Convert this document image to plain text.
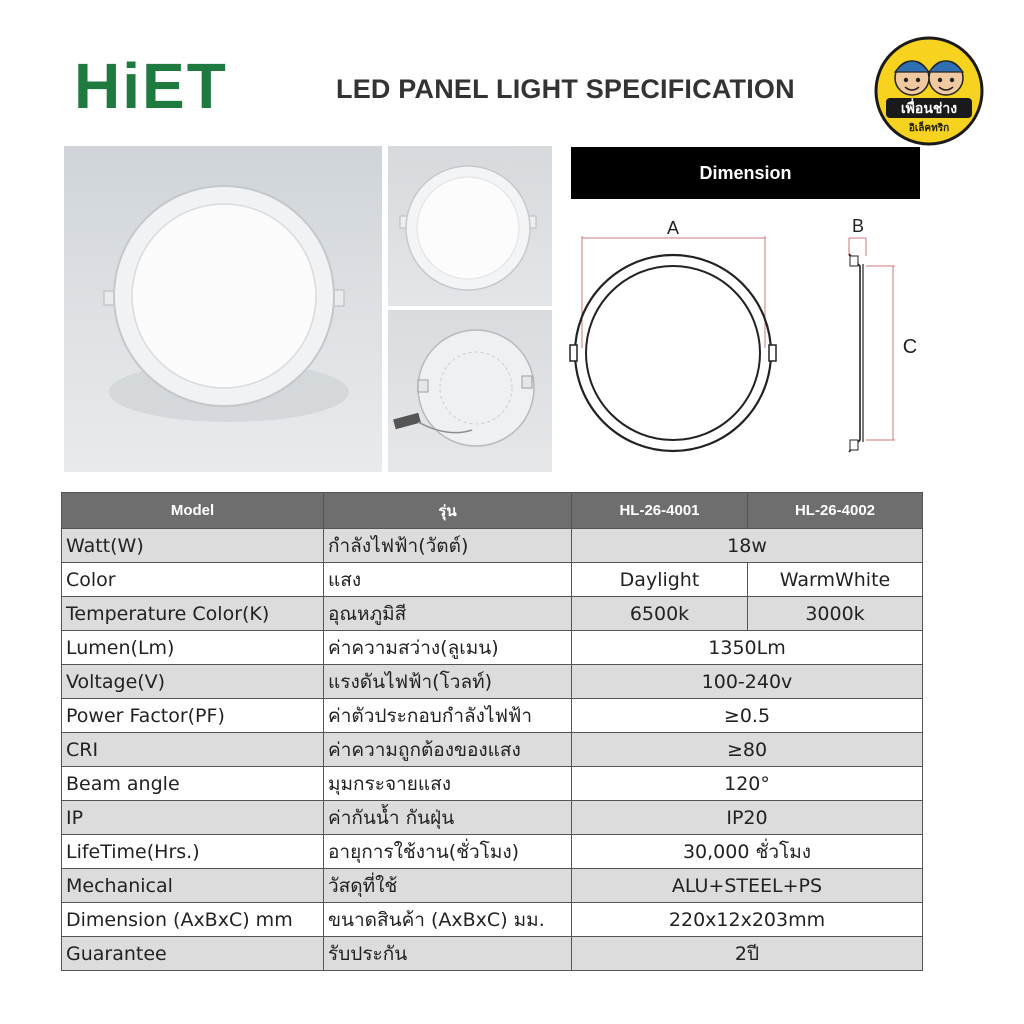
HiET	LED PANEL LIGHT SPECIFICATION
เพื่อนช่าง
อิเล็คทริก
Dimension
A	B
C
Model	รุ่น	HL-26-4001	HL-26-4002
Watt(W)	กำลังไฟฟ้า(วัตต์)	18w	
Color	แสง	Daylight	WarmWhite
Temperature Color(K)	อุณหภูมิสี	6500k	3000k
Lumen(Lm)	ค่าความสว่าง(ลูเมน)	1350Lm	
Voltage(V)	แรงดันไฟฟ้า(โวลท์)	100-240v	
Power Factor(PF)	ค่าตัวประกอบกำลังไฟฟ้า	≥0.5	
CRI	ค่าความถูกต้องของแสง	≥80	
Beam angle	มุมกระจายแสง	120°	
IP	ค่ากันน้ำ กันฝุ่น	IP20	
LifeTime(Hrs.)	อายุการใช้งาน(ชั่วโมง)	30,000 ชั่วโมง	
Mechanical	วัสดุที่ใช้	ALU+STEEL+PS	
Dimension (AxBxC) mm	ขนาดสินค้า (AxBxC) มม.	220x12x203mm	
Guarantee	รับประกัน	2ปี	
